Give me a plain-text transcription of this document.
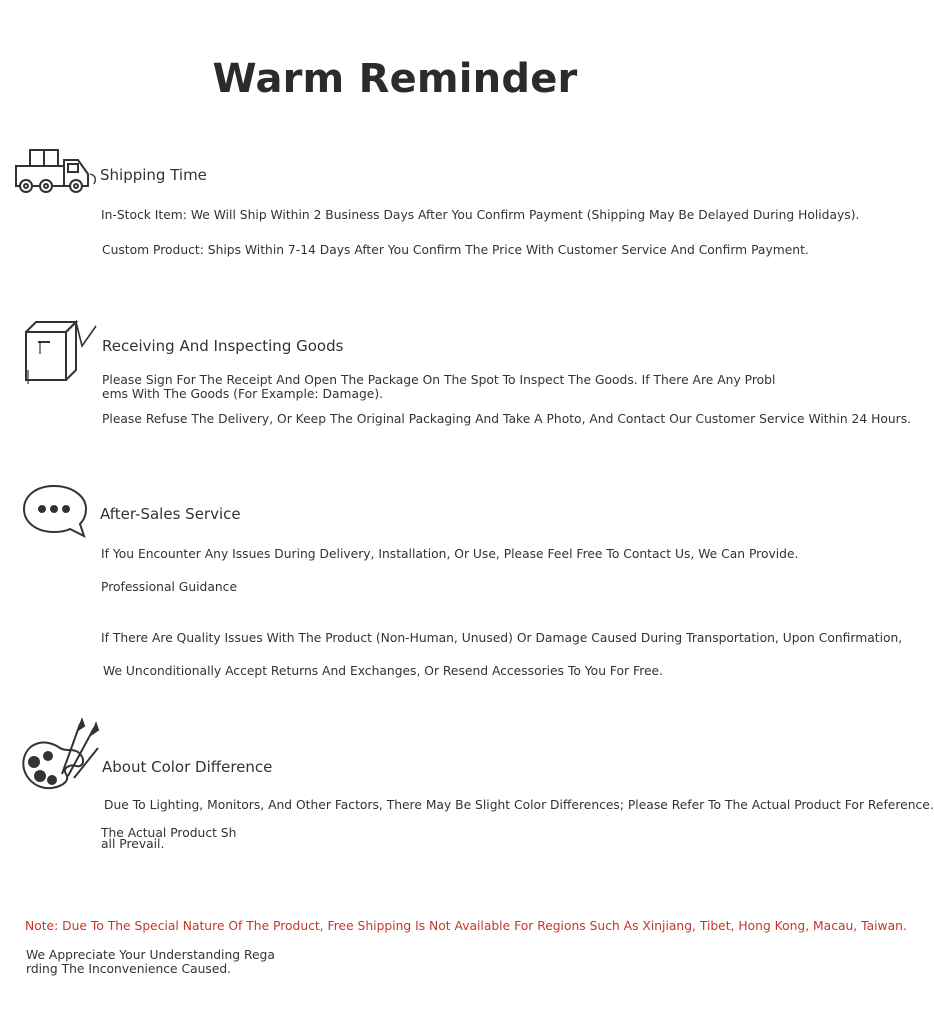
Warm Reminder
Shipping Time
In-Stock Item: We Will Ship Within 2 Business Days After You Confirm Payment (Shipping May Be Delayed During Holidays).
Custom Product: Ships Within 7-14 Days After You Confirm The Price With Customer Service And Confirm Payment.
Receiving And Inspecting Goods
Please Sign For The Receipt And Open The Package On The Spot To Inspect The Goods. If There Are Any Problems With The Goods (For Example: Damage).
Please Refuse The Delivery, Or Keep The Original Packaging And Take A Photo, And Contact Our Customer Service Within 24 Hours.
After-Sales Service
If You Encounter Any Issues During Delivery, Installation, Or Use, Please Feel Free To Contact Us, We Can Provide.
Professional Guidance
If There Are Quality Issues With The Product (Non-Human, Unused) Or Damage Caused During Transportation, Upon Confirmation,
We Unconditionally Accept Returns And Exchanges, Or Resend Accessories To You For Free.
About Color Difference
Due To Lighting, Monitors, And Other Factors, There May Be Slight Color Differences; Please Refer To The Actual Product For Reference.
The Actual Product Shall Prevail.
Note: Due To The Special Nature Of The Product, Free Shipping Is Not Available For Regions Such As Xinjiang, Tibet, Hong Kong, Macau, Taiwan.
We Appreciate Your Understanding Regarding The Inconvenience Caused.
